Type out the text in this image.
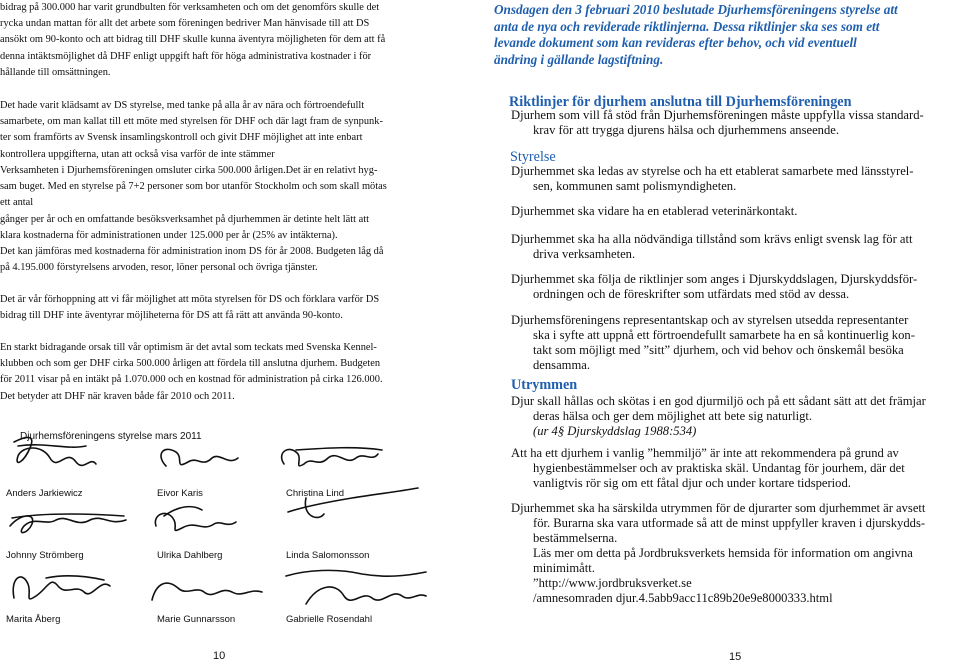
bidrag på 300.000 har varit grundbulten för verksamheten och om det genomförs skulle det
rycka undan mattan för allt det arbete som föreningen bedriver Man hänvisade till att DS
ansökt om 90-konto och att bidrag till DHF skulle kunna äventyra möjligheten för dem att få
denna intäktsmöjlighet då DHF enligt uppgift haft för höga administrativa kostnader i för
hållande till omsättningen.

Det hade varit klädsamt av DS styrelse, med tanke på alla år av nära och förtroendefullt
samarbete, om man kallat till ett möte med styrelsen för DHF och där lagt fram de synpunk-
ter som framförts av Svensk insamlingskontroll och givit DHF möjlighet att inte enbart
kontrollera uppgifterna, utan att också visa varför de inte stämmer

Verksamheten i Djurhemsföreningen omsluter cirka 500.000 årligen.Det är en relativt hyg-
sam buget. Med en styrelse på 7+2 personer som bor utanför Stockholm och som skall mötas
ett antal
gånger per år och en omfattande besöksverksamhet på djurhemmen är detinte helt lätt att
klara kostnaderna för administrationen under 125.000 per år (25% av intäkterna).

Det kan jämföras med kostnaderna för administration inom DS för år 2008. Budgeten låg då
på 4.195.000 förstyrelsens arvoden, resor, löner personal och övriga tjänster.

Det är vår förhoppning att vi får möjlighet att möta styrelsen för DS och förklara varför DS
bidrag till DHF inte äventyrar möjliheterna för DS att få rätt att använda 90-konto.

En starkt bidragande orsak till vår optimism är det avtal som teckats med Svenska Kennel-
klubben och som ger DHF cirka 500.000 årligen att fördela till anslutna djurhem. Budgeten
för 2011 visar på en intäkt på 1.070.000 och en kostnad för administration på cirka 126.000.
Det betyder att DHF när kraven både får 2010 och 2011.

Djurhemsföreningens styrelse mars 2011
Anders Jarkiewicz	Eivor Karis	Christina Lind
Johnny Strömberg	Ulrika Dahlberg	Linda Salomonsson
Marita Åberg	Marie Gunnarsson	Gabrielle Rosendahl
10
Onsdagen den 3 februari 2010 beslutade Djurhemsföreningens styrelse att
anta de nya och reviderade riktlinjerna. Dessa riktlinjer ska ses som ett
levande dokument som kan revideras efter behov, och vid eventuell
ändring i gällande lagstiftning.
Riktlinjer för djurhem anslutna till Djurhemsföreningen
Djurhem som vill få stöd från Djurhemsföreningen måste uppfylla vissa standard-
krav för att trygga djurens hälsa och djurhemmens anseende.
Styrelse
Djurhemmet ska ledas av styrelse och ha ett etablerat samarbete med länsstyrel-
sen, kommunen samt polismyndigheten.
Djurhemmet ska vidare ha en etablerad veterinärkontakt.
Djurhemmet ska ha alla nödvändiga tillstånd som krävs enligt svensk lag för att
driva verksamheten.
Djurhemmet ska följa de riktlinjer som anges i Djurskyddslagen, Djurskyddsför-
ordningen och de föreskrifter som utfärdats med stöd av dessa.
Djurhemsföreningens representantskap och av styrelsen utsedda representanter
ska i syfte att uppnå ett förtroendefullt samarbete ha en så kontinuerlig kon-
takt som möjligt med ”sitt” djurhem, och vid behov och önskemål besöka
densamma.
Utrymmen
Djur skall hållas och skötas i en god djurmiljö och på ett sådant sätt att det främjar
deras hälsa och ger dem möjlighet att bete sig naturligt.
(ur 4§ Djurskyddslag 1988:534)
Att ha ett djurhem i vanlig ”hemmiljö” är inte att rekommendera på grund av
hygienbestämmelser och av praktiska skäl. Undantag för jourhem, där det
vanligtvis rör sig om ett fåtal djur och under kortare tidsperiod.
Djurhemmet ska ha särskilda utrymmen för de djurarter som djurhemmet är avsett
för. Burarna ska vara utformade så att de minst uppfyller kraven i djurskydds-
bestämmelserna.
Läs mer om detta på Jordbruksverkets hemsida för information om angivna
minimimått.
”http://www.jordbruksverket.se
/amnesomraden djur.4.5abb9acc11c89b20e9e8000333.html
15
